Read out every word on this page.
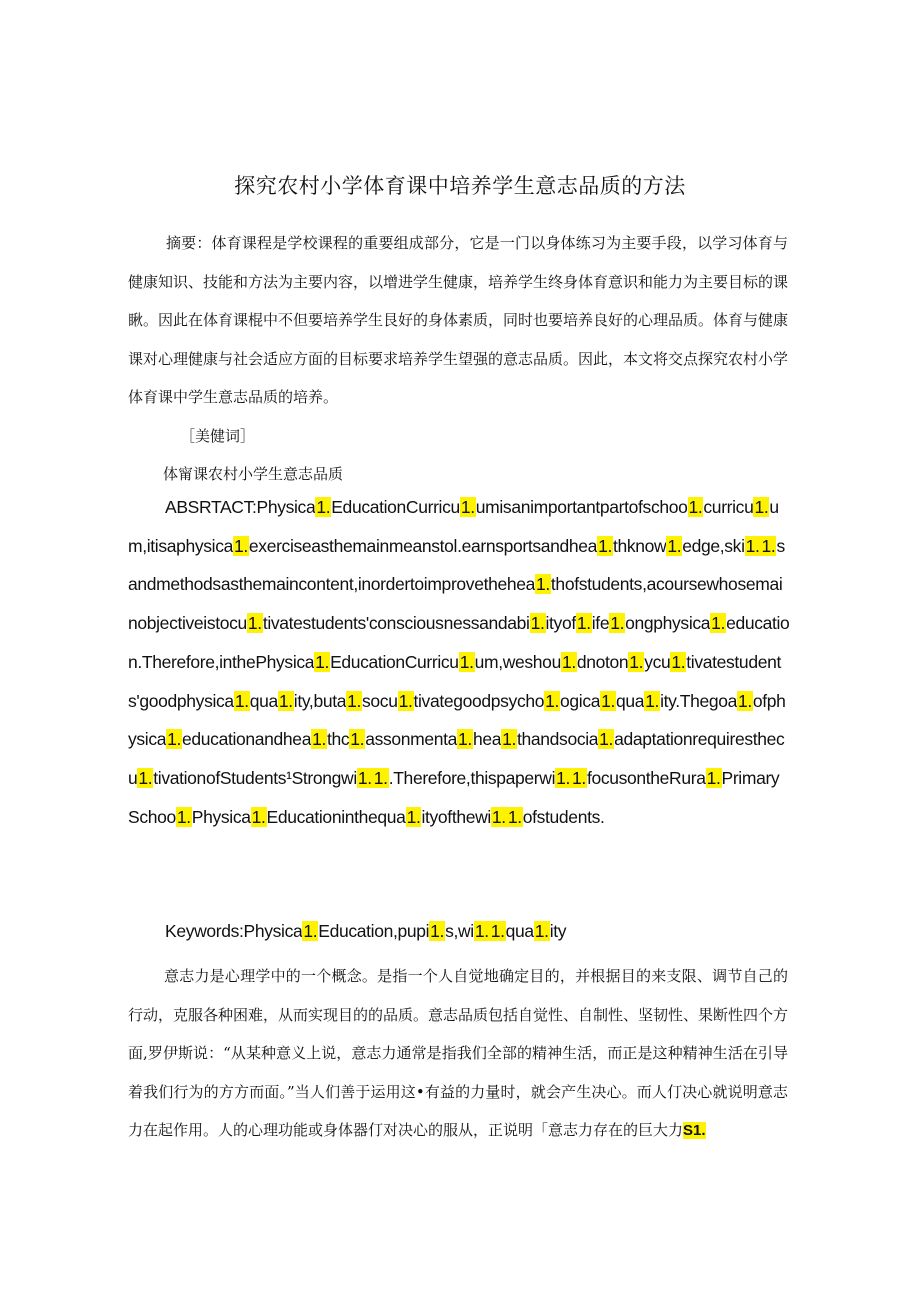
探究农村小学体育课中培养学生意志品质的方法

摘要：体育课程是学校课程的重要组成部分，它是一门以身体练习为主要手段，以学习体育与健康知识、技能和方法为主要内容，以增进学生健康，培养学生终身体育意识和能力为主要目标的课瞅。因此在体育课棍中不但要培养学生艮好的身体素质，同时也要培养良好的心理品质。体育与健康课对心理健康与社会适应方面的目标要求培养学生望强的意志品质。因此，本文将交点探究农村小学体育课中学生意志品质的培养。

［美健词］
体甯课农村小学生意志品质

ABSRTACT:Physica1.EducationCurricu1.umisanimportantpartofschoo1.curricu1.um,itisaphysica1.exerciseasthemainmeanstol.earnsportsandhea1.thknow1.edge,ski1. 1.sandmethodsasthemaincontent,inordertoimprovethehea1.thofstudents,acoursewhosemainobjectiveistocu1.tivatestudents'consciousnessandabi1.ityof1.ife1.ongphysica1.education.Therefore,inthePhysica1.EducationCurricu1.um,weshou1.dnoton1.ycu1.tivatestudents'goodphysica1.qua1.ity,buta1.socu1.tivategoodpsycho1.ogica1.qua1.ity.Thegoa1.ofphysica1.educationandhea1.thc1.assonmenta1.hea1.thandsocia1.adaptationrequiresthecu1.tivationofStudents¹Strongwi1. 1..Therefore,thispaperwi1. 1.focusontheRura1.PrimarySchoo1.Physica1.Educationinthequa1.ityofthewi1. 1.ofstudents.

Keywords:Physica1.Education,pupi1.s,wi1. 1.qua1.ity

意志力是心理学中的一个概念。是指一个人自觉地确定目的，并根据目的来支限、调节自己的行动，克服各种困难，从而实现目的的品质。意志品质包括自觉性、自制性、坚韧性、果断性四个方面,罗伊斯说：“从某种意义上说，意志力通常是指我们全部的精神生活，而正是这种精神生活在引导着我们行为的方方而面。”当人们善于运用这•有益的力量时，就会产生决心。而人仃决心就说明意志力在起作用。人的心理功能或身体器仃对决心的服从，正说明「意志力存在的巨大力S1.
